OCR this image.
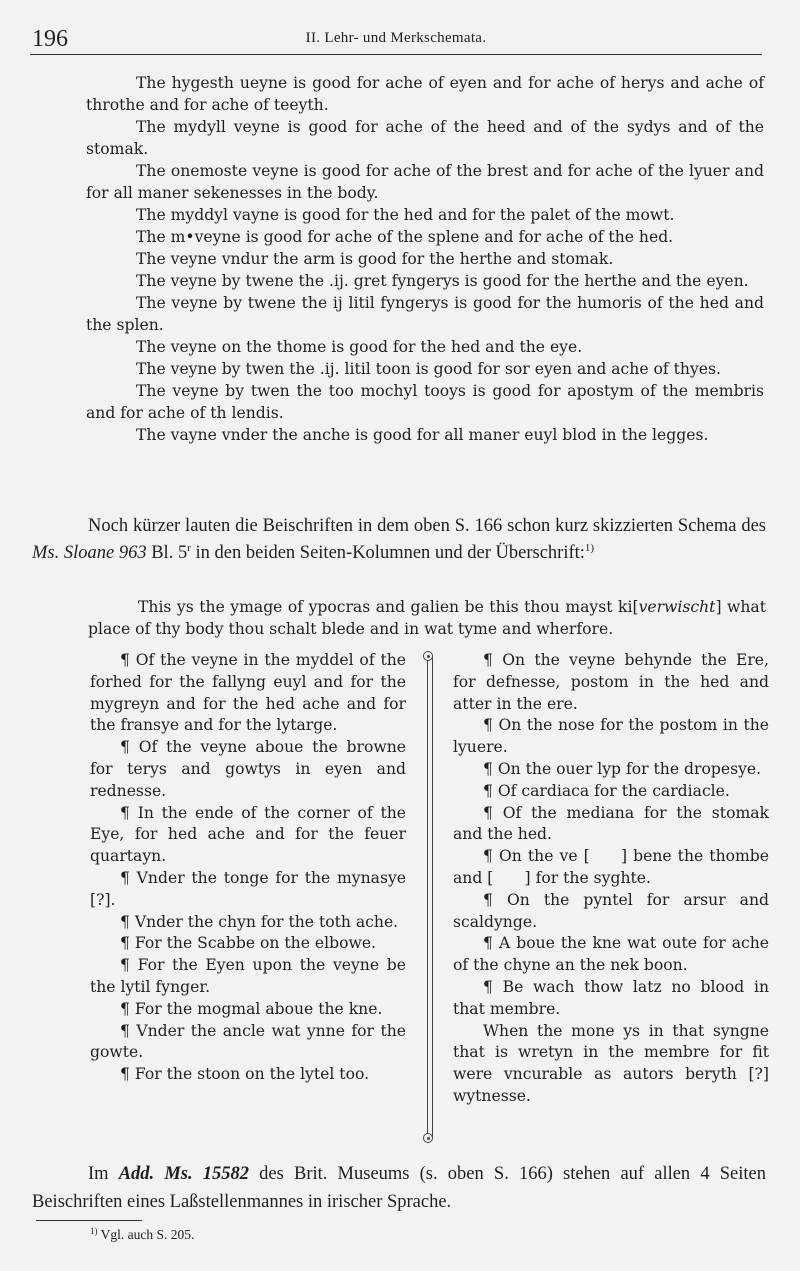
196	II. Lehr- und Merkschemata.
The hygesth ueyne is good for ache of eyen and for ache of herys and ache of throthe and for ache of teeyth.
The mydyll veyne is good for ache of the heed and of the sydys and of the stomak.
The onemoste veyne is good for ache of the brest and for ache of the lyuer and for all maner sekenesses in the body.
The myddyl vayne is good for the hed and for the palet of the mowt.
The m•veyne is good for ache of the splene and for ache of the hed.
The veyne vndur the arm is good for the herthe and stomak.
The veyne by twene the .ij. gret fyngerys is good for the herthe and the eyen.
The veyne by twene the ij litil fyngerys is good for the humoris of the hed and the splen.
The veyne on the thome is good for the hed and the eye.
The veyne by twen the .ij. litil toon is good for sor eyen and ache of thyes.
The veyne by twen the too mochyl tooys is good for apostym of the membris and for ache of th lendis.
The vayne vnder the anche is good for all maner euyl blod in the legges.
Noch kürzer lauten die Beischriften in dem oben S. 166 schon kurz skizzierten Schema des Ms. Sloane 963 Bl. 5$^r$ in den beiden Seiten-Kolumnen und der Überschrift:$^{1)}$
This ys the ymage of ypocras and galien be this thou mayst ki[verwischt] what place of thy body thou schalt blede and in wat tyme and wherfore.
¶ Of the veyne in the myddel of the forhed for the fallyng euyl and for the mygreyn and for the hed ache and for the fransye and for the lytarge.
¶ Of the veyne aboue the browne for terys and gowtys in eyen and rednesse.
¶ In the ende of the corner of the Eye, for hed ache and for the feuer quartayn.
¶ Vnder the tonge for the mynasye [?].
¶ Vnder the chyn for the toth ache.
¶ For the Scabbe on the elbowe.
¶ For the Eyen upon the veyne be the lytil fynger.
¶ For the mogmal aboue the kne.
¶ Vnder the ancle wat ynne for the gowte.
¶ For the stoon on the lytel too.
¶ On the veyne behynde the Ere, for defnesse, postom in the hed and atter in the ere.
¶ On the nose for the postom in the lyuere.
¶ On the ouer lyp for the dropesye.
¶ Of cardiaca for the cardiacle.
¶ Of the mediana for the stomak and the hed.
¶ On the ve [  ] bene the thombe and [  ] for the syghte.
¶ On the pyntel for arsur and scaldynge.
¶ A boue the kne wat oute for ache of the chyne an the nek boon.
¶ Be wach thow latz no blood in that membre.
When the mone ys in that syngne that is wretyn in the membre for fit were vncurable as autors beryth [?] wytnesse.
Im Add. Ms. 15582 des Brit. Museums (s. oben S. 166) stehen auf allen 4 Seiten Beischriften eines Laßstellenmannes in irischer Sprache.
$^{1)}$ Vgl. auch S. 205.
